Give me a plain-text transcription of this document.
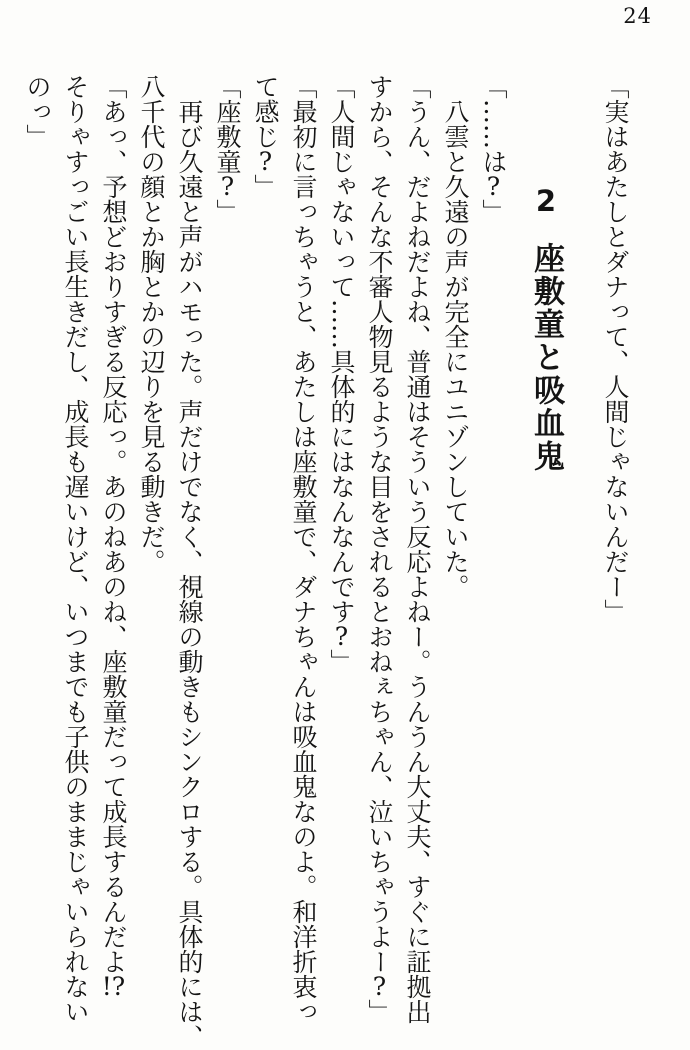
24

「実はあたしとダナって、人間じゃないんだー」

2座敷童と吸血鬼

「……は?」

八雲と久遠の声が完全にユニゾンしていた。

「うん、だよねだよね、普通はそういう反応よねー。うんうん大丈夫、すぐに証拠出

すから、そんな不審人物見るような目をされるとおねぇちゃん、泣いちゃうよー?」

「人間じゃないって……具体的にはなんなんです?」

「最初に言っちゃうと、あたしは座敷童で、ダナちゃんは吸血鬼なのよ。和洋折衷っ

て感じ?」

「座敷童?」

再び久遠と声がハモった。声だけでなく、視線の動きもシンクロする。具体的には、

八千代の顔とか胸とかの辺りを見る動きだ。

「あっ、予想どおりすぎる反応っ。あのねあのね、座敷童だって成長するんだよ!?

そりゃすっごい長生きだし、成長も遅いけど、いつまでも子供のままじゃいられない

のっ」
